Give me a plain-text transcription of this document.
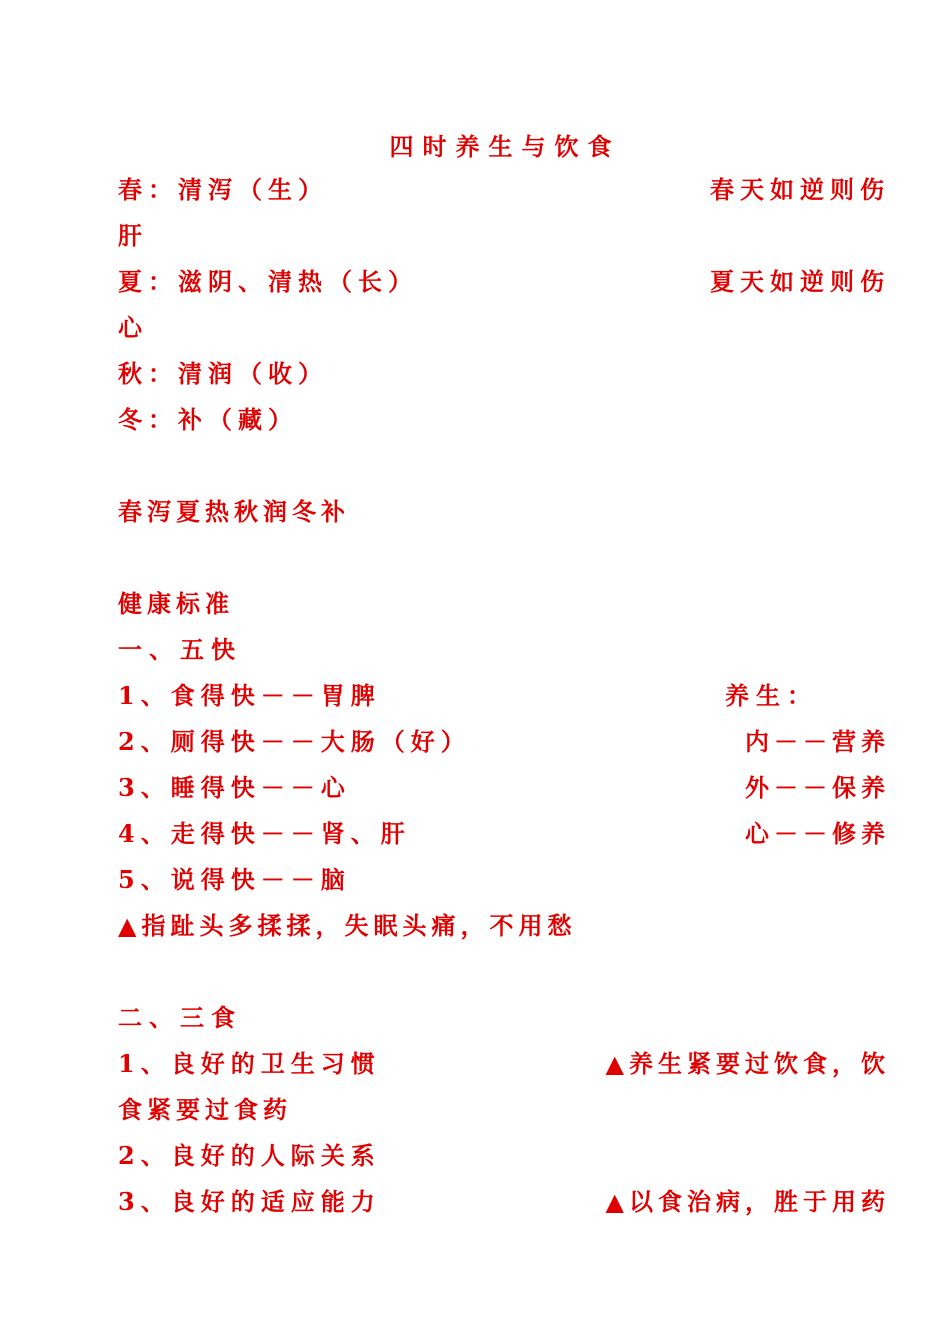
四时养生与饮食
春：清泻（生）	春天如逆则伤
肝
夏：滋阴、清热（长）	夏天如逆则伤
心
秋：清润（收）
冬：补（藏）
春泻夏热秋润冬补
健康标准
一、五快
1、食得快－－胃脾	养生：
2、厕得快－－大肠（好）	内－－营养
3、睡得快－－心	外－－保养
4、走得快－－肾、肝	心－－修养
5、说得快－－脑
▲指趾头多揉揉，失眠头痛，不用愁
二、三食
1、良好的卫生习惯	▲养生紧要过饮食，饮
食紧要过食药
2、良好的人际关系
3、良好的适应能力	▲以食治病，胜于用药
